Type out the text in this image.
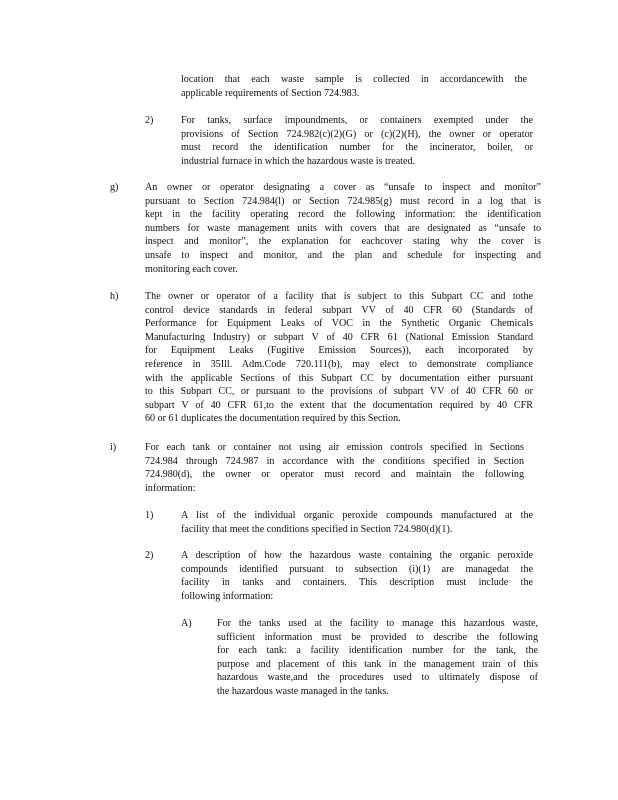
location that each waste sample is collected in accordancewith the
applicable requirements of Section 724.983.
2)	For tanks, surface impoundments, or containers exempted under the
provisions of Section 724.982(c)(2)(G) or (c)(2)(H), the owner or operator
must record the identification number for the incinerator, boiler, or
industrial furnace in which the hazardous waste is treated.
g)	An owner or operator designating a cover as “unsafe to inspect and monitor”
pursuant to Section 724.984(l) or Section 724.985(g) must record in a log that is
kept in the facility operating record the following information: the identification
numbers for waste management units with covers that are designated as “unsafe to
inspect and monitor”, the explanation for eachcover stating why the cover is
unsafe to inspect and monitor, and the plan and schedule for inspecting and
monitoring each cover.
h)	The owner or operator of a facility that is subject to this Subpart CC and tothe
control device standards in federal subpart VV of 40 CFR 60 (Standards of
Performance for Equipment Leaks of VOC in the Synthetic Organic Chemicals
Manufacturing Industry) or subpart V of 40 CFR 61 (National Emission Standard
for Equipment Leaks (Fugitive Emission Sources)), each incorporated by
reference in 35Ill. Adm.Code 720.111(b), may elect to demonstrate compliance
with the applicable Sections of this Subpart CC by documentation either pursuant
to this Subpart CC, or pursuant to the provisions of subpart VV of 40 CFR 60 or
subpart V of 40 CFR 61,to the extent that the documentation required by 40 CFR
60 or 61 duplicates the documentation required by this Section.
i)	For each tank or container not using air emission controls specified in Sections
724.984 through 724.987 in accordance with the conditions specified in Section
724.980(d), the owner or operator must record and maintain the following
information:
1)	A list of the individual organic peroxide compounds manufactured at the
facility that meet the conditions specified in Section 724.980(d)(1).
2)	A description of how the hazardous waste containing the organic peroxide
compounds identified pursuant to subsection (i)(1) are managedat the
facility in tanks and containers. This description must include the
following information:
A)	For the tanks used at the facility to manage this hazardous waste,
sufficient information must be provided to describe the following
for each tank: a facility identification number for the tank, the
purpose and placement of this tank in the management train of this
hazardous waste,and the procedures used to ultimately dispose of
the hazardous waste managed in the tanks.
